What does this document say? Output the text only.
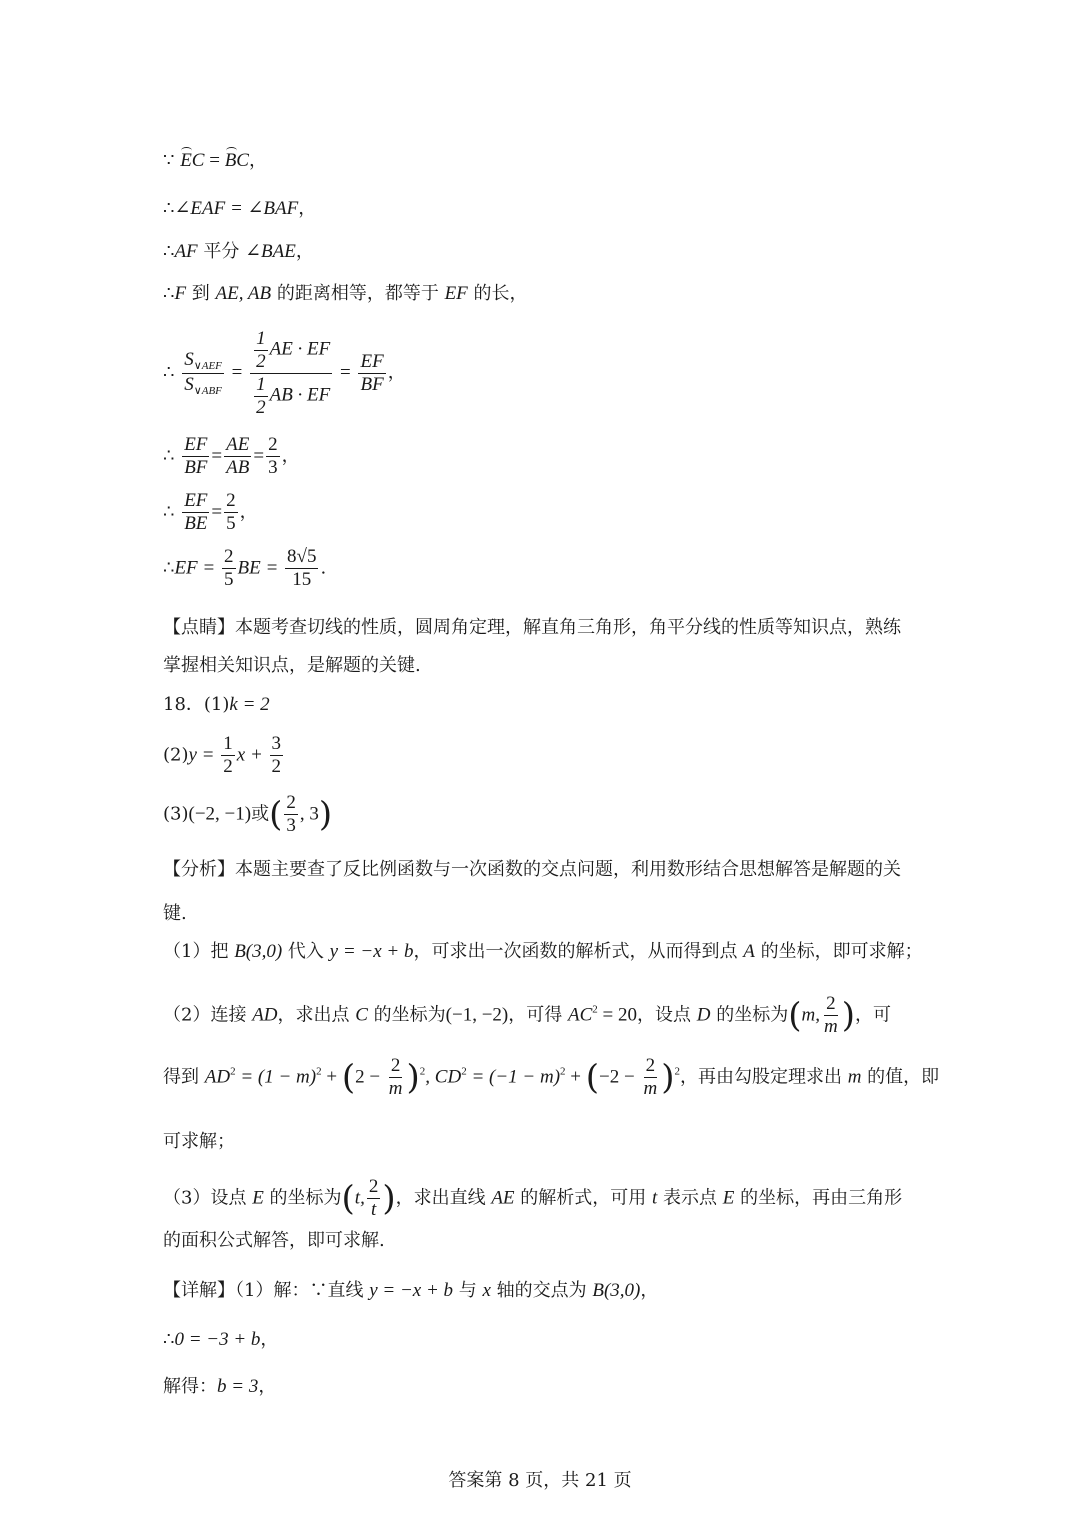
∵ EC = BC，
∴∠EAF = ∠BAF，
∴AF 平分 ∠BAE，
∴F 到 AE, AB 的距离相等，都等于 EF 的长，
∴ $\frac{S_{\vee AEF}}{S_{\vee ABF}} = \frac{\frac{1}{2} AE \cdot EF}{\frac{1}{2} AB \cdot EF} = \frac{EF}{BF}$ ，
∴ $\frac{EF}{BF} = \frac{AE}{AB} = \frac{2}{3}$ ，
∴ $\frac{EF}{BE} = \frac{2}{5}$ ，
∴EF = $\frac{2}{5}$ BE = $\frac{8√5}{15}$ .
【点睛】本题考查切线的性质，圆周角定理，解直角三角形，角平分线的性质等知识点，熟练掌握相关知识点，是解题的关键.
18．(1)k = 2
$(2)y = \frac{1}{2}$ $x + \frac{3}{2}$
(3)(−2, −1)或( $\frac{2}{3}$ , 3)
【分析】本题主要查了反比例函数与一次函数的交点问题，利用数形结合思想解答是解题的关键.
（1）把 B(3,0) 代入 y = −x + b，可求出一次函数的解析式，从而得到点 A 的坐标，即可求解；
（2）连接 AD，求出点 C 的坐标为(−1, −2)，可得 $AC^2 = 20$，设点 D 的坐标为(m, $\frac{2}{m}$ )，可
得到 $AD^2 = (1 - m)^2 + (2 - \frac{2}{m} )^2$, $CD^2 = (-1 - m)^2 + (-2 - \frac{2}{m} )^2$，再由勾股定理求出 m 的值，即
可求解；
（3）设点 E 的坐标为(t, $\frac{2}{t}$ )，求出直线 AE 的解析式，可用 t 表示点 E 的坐标，再由三角形
的面积公式解答，即可求解.
【详解】（1）解：∵直线 y = −x + b 与 x 轴的交点为 B(3,0)，
∴0 = −3 + b，
解得：b = 3，
答案第 8 页，共 21 页
